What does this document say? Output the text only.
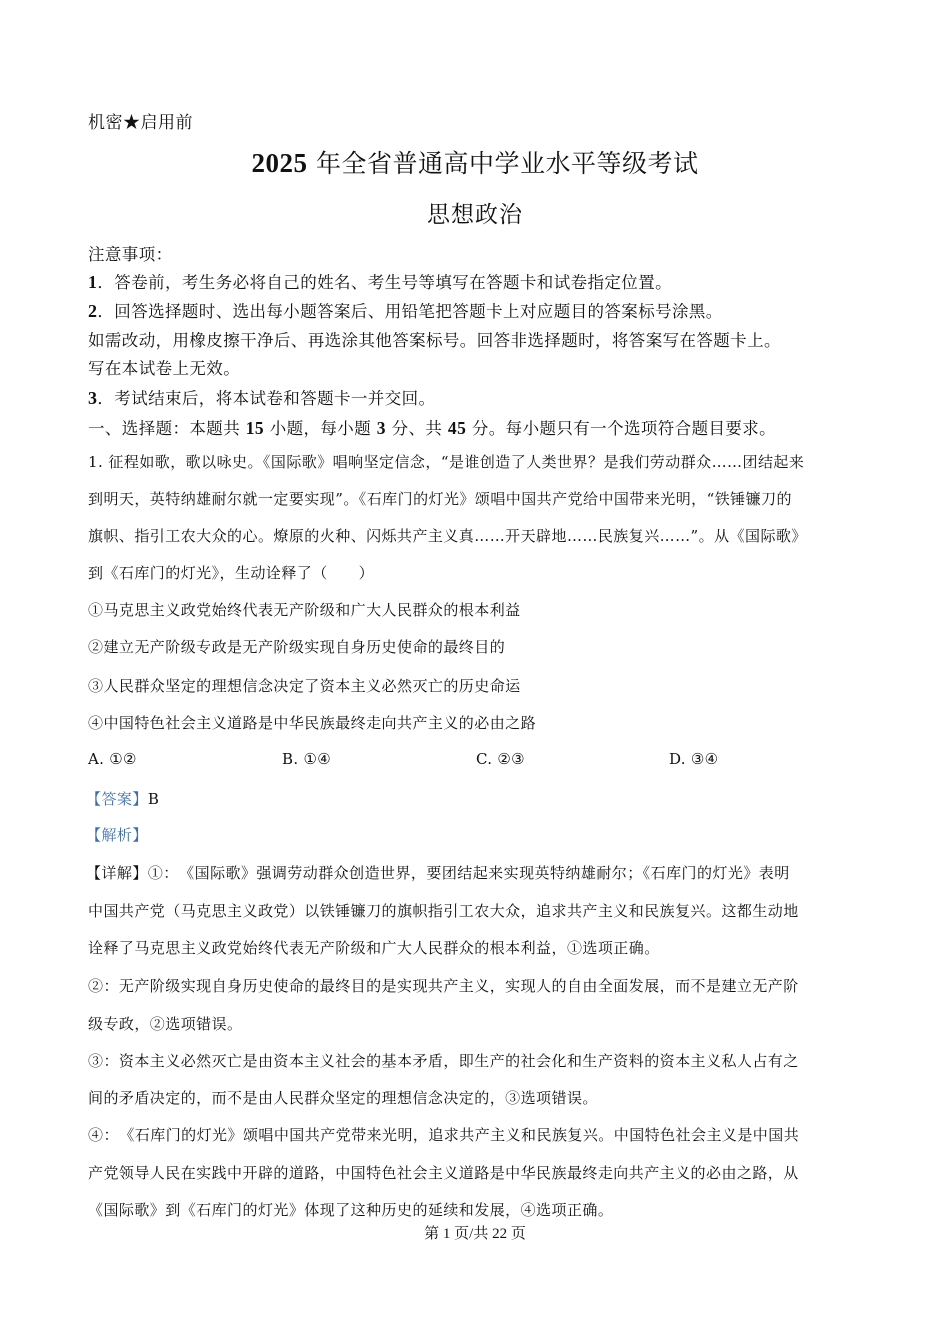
机密★启用前
2025 年全省普通高中学业水平等级考试
思想政治
注意事项：
1．答卷前，考生务必将自己的姓名、考生号等填写在答题卡和试卷指定位置。
2．回答选择题时、选出每小题答案后、用铅笔把答题卡上对应题目的答案标号涂黑。
如需改动，用橡皮擦干净后、再选涂其他答案标号。回答非选择题时，将答案写在答题卡上。
写在本试卷上无效。
3．考试结束后，将本试卷和答题卡一并交回。
一、选择题：本题共 15 小题，每小题 3 分、共 45 分。每小题只有一个选项符合题目要求。
1. 征程如歌，歌以咏史。《国际歌》唱响坚定信念，“是谁创造了人类世界？是我们劳动群众……团结起来
到明天，英特纳雄耐尔就一定要实现”。《石库门的灯光》颂唱中国共产党给中国带来光明，“铁锤镰刀的
旗帜、指引工农大众的心。燎原的火种、闪烁共产主义真……开天辟地……民族复兴……”。从《国际歌》
到《石库门的灯光》，生动诠释了（　　）
①马克思主义政党始终代表无产阶级和广大人民群众的根本利益
②建立无产阶级专政是无产阶级实现自身历史使命的最终目的
③人民群众坚定的理想信念决定了资本主义必然灭亡的历史命运
④中国特色社会主义道路是中华民族最终走向共产主义的必由之路
A. ①②	B. ①④	C. ②③	D. ③④
【答案】B
【解析】
【详解】①：　《国际歌》强调劳动群众创造世界，要团结起来实现英特纳雄耐尔；《石库门的灯光》表明
中国共产党（马克思主义政党）以铁锤镰刀的旗帜指引工农大众，追求共产主义和民族复兴。这都生动地
诠释了马克思主义政党始终代表无产阶级和广大人民群众的根本利益，①选项正确。
②：无产阶级实现自身历史使命的最终目的是实现共产主义，实现人的自由全面发展，而不是建立无产阶
级专政，②选项错误。
③：资本主义必然灭亡是由资本主义社会的基本矛盾，即生产的社会化和生产资料的资本主义私人占有之
间的矛盾决定的，而不是由人民群众坚定的理想信念决定的，③选项错误。
④：　《石库门的灯光》颂唱中国共产党带来光明，追求共产主义和民族复兴。中国特色社会主义是中国共
产党领导人民在实践中开辟的道路，中国特色社会主义道路是中华民族最终走向共产主义的必由之路，从
《国际歌》到《石库门的灯光》体现了这种历史的延续和发展，④选项正确。
第 1 页/共 22 页
